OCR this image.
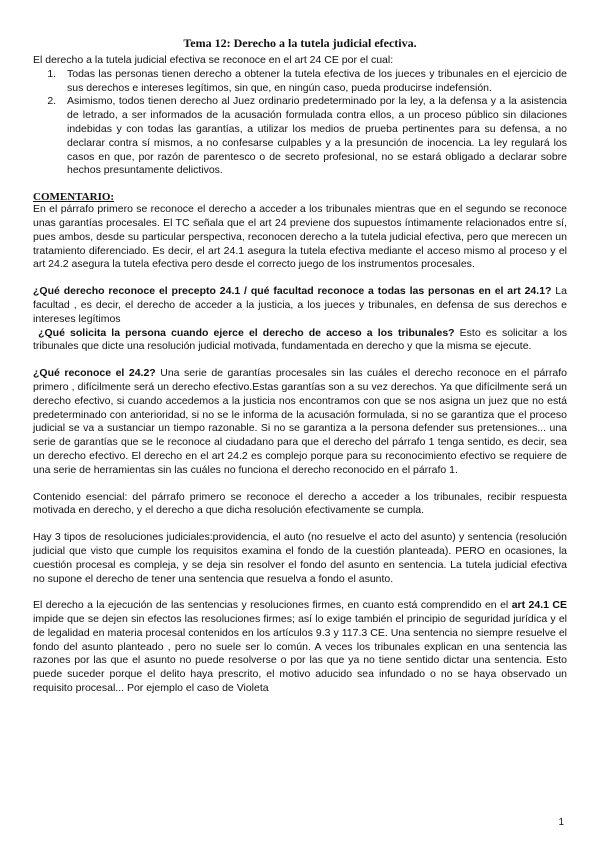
Tema 12: Derecho a la tutela judicial efectiva.

El derecho a la tutela judicial efectiva se reconoce en el art 24 CE por el cual:

1. Todas las personas tienen derecho a obtener la tutela efectiva de los jueces y tribunales en el ejercicio de sus derechos e intereses legítimos, sin que, en ningún caso, pueda producirse indefensión.
2. Asimismo, todos tienen derecho al Juez ordinario predeterminado por la ley, a la defensa y a la asistencia de letrado, a ser informados de la acusación formulada contra ellos, a un proceso público sin dilaciones indebidas y con todas las garantías, a utilizar los medios de prueba pertinentes para su defensa, a no declarar contra sí mismos, a no confesarse culpables y a la presunción de inocencia. La ley regulará los casos en que, por razón de parentesco o de secreto profesional, no se estará obligado a declarar sobre hechos presuntamente delictivos.
COMENTARIO:

En el párrafo primero se reconoce el derecho a acceder a los tribunales mientras que en el segundo se reconoce unas garantías procesales. El TC señala que el art 24 previene dos supuestos íntimamente relacionados entre sí, pues ambos, desde su particular perspectiva, reconocen derecho a la tutela judicial efectiva, pero que merecen un tratamiento diferenciado. Es decir, el art 24.1 asegura la tutela efectiva mediante el acceso mismo al proceso y el art 24.2 asegura la tutela efectiva pero desde el correcto juego de los instrumentos procesales.

¿Qué derecho reconoce el precepto 24.1 / qué facultad reconoce a todas las personas en el art 24.1? La facultad , es decir, el derecho de acceder a la justicia, a los jueces y tribunales, en defensa de sus derechos e intereses legítimos

¿Qué solicita la persona cuando ejerce el derecho de acceso a los tribunales? Esto es solicitar a los tribunales que dicte una resolución judicial motivada, fundamentada en derecho y que la misma se ejecute.

¿Qué reconoce el 24.2? Una serie de garantías procesales sin las cuáles el derecho reconoce en el párrafo primero , difícilmente será un derecho efectivo.Estas garantías son a su vez derechos. Ya que difícilmente será un derecho efectivo, si cuando accedemos a la justicia nos encontramos con que se nos asigna un juez que no está predeterminado con anterioridad, si no se le informa de la acusación formulada, si no se garantiza que el proceso judicial se va a sustanciar un tiempo razonable. Si no se garantiza a la persona defender sus pretensiones... una serie de garantías que se le reconoce al ciudadano para que el derecho del párrafo 1 tenga sentido, es decir, sea un derecho efectivo. El derecho en el art 24.2 es complejo porque para su reconocimiento efectivo se requiere de una serie de herramientas sin las cuáles no funciona el derecho reconocido en el párrafo 1.

Contenido esencial: del párrafo primero se reconoce el derecho a acceder a los tribunales, recibir respuesta motivada en derecho, y el derecho a que dicha resolución efectivamente se cumpla.

Hay 3 tipos de resoluciones judiciales:providencia, el auto (no resuelve el acto del asunto) y sentencia (resolución judicial que visto que cumple los requisitos examina el fondo de la cuestión planteada). PERO en ocasiones, la cuestión procesal es compleja, y se deja sin resolver el fondo del asunto en sentencia. La tutela judicial efectiva no supone el derecho de tener una sentencia que resuelva a fondo el asunto.

El derecho a la ejecución de las sentencias y resoluciones firmes, en cuanto está comprendido en el art 24.1 CE impide que se dejen sin efectos las resoluciones firmes; así lo exige también el principio de seguridad jurídica y el de legalidad en materia procesal contenidos en los artículos 9.3 y 117.3 CE. Una sentencia no siempre resuelve el fondo del asunto planteado , pero no suele ser lo común. A veces los tribunales explican en una sentencia las razones por las que el asunto no puede resolverse o por las que ya no tiene sentido dictar una sentencia. Esto puede suceder porque el delito haya prescrito, el motivo aducido sea infundado o no se haya observado un requisito procesal... Por ejemplo el caso de Violeta

1
